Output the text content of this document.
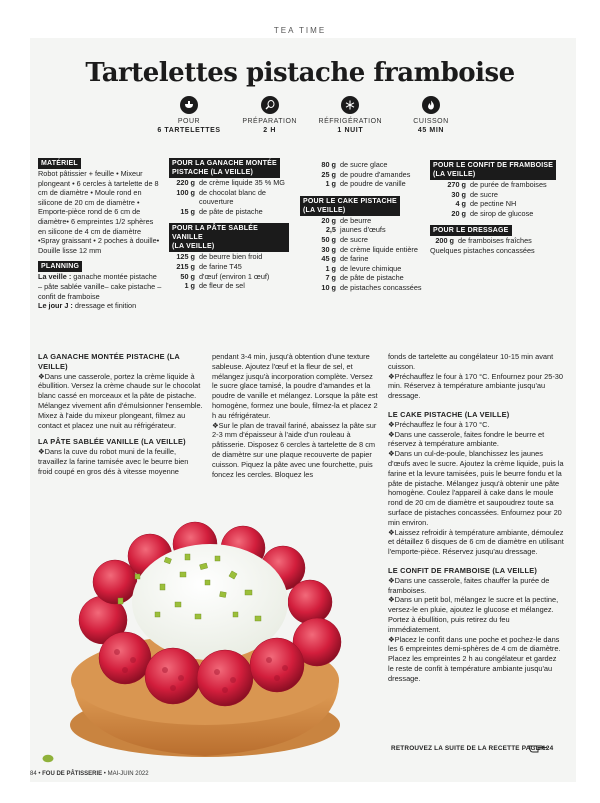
TEA TIME
Tartelettes pistache framboise
POUR
6 TARTELETTES
PRÉPARATION
2 H
RÉFRIGÉRATION
1 NUIT
CUISSON
45 MIN
MATÉRIEL
Robot pâtissier + feuille • Mixeur plongeant • 6 cercles à tartelette de 8 cm de diamètre • Moule rond en silicone de 20 cm de diamètre • Emporte-pièce rond de 6 cm de diamètre• 6 empreintes 1/2 sphères en silicone de 4 cm de diamètre •Spray graissant • 2 poches à douille• Douille lisse 12 mm
PLANNING
La veille : ganache montée pistache – pâte sablée vanille– cake pistache – confit de framboise
Le jour J : dressage et finition
POUR LA GANACHE MONTÉE
PISTACHE (LA VEILLE)
220 g de crème liquide 35 % MG
100 g de chocolat blanc de couverture
15 g de pâte de pistache
POUR LA PÂTE SABLÉE VANILLE
(LA VEILLE)
125 g de beurre bien froid
215 g de farine T45
50 g d'œuf (environ 1 œuf)
1 g de fleur de sel
80 g de sucre glace
25 g de poudre d'amandes
1 g de poudre de vanille
POUR LE CAKE PISTACHE
(LA VEILLE)
20 g de beurre
2,5 jaunes d'œufs
50 g de sucre
30 g de crème liquide entière
45 g de farine
1 g de levure chimique
7 g de pâte de pistache
10 g de pistaches concassées
POUR LE CONFIT DE FRAMBOISE
(LA VEILLE)
270 g de purée de framboises
30 g de sucre
4 g de pectine NH
20 g de sirop de glucose
POUR LE DRESSAGE
200 g de framboises fraîches
Quelques pistaches concassées
LA GANACHE MONTÉE PISTACHE (LA VEILLE)
❖Dans une casserole, portez la crème liquide à ébullition. Versez la crème chaude sur le chocolat blanc cassé en morceaux et la pâte de pistache. Mélangez vivement afin d'émulsionner l'ensemble. Mixez à l'aide du mixeur plongeant, filmez au contact et placez une nuit au réfrigérateur.
LA PÂTE SABLÉE VANILLE (LA VEILLE)
❖Dans la cuve du robot muni de la feuille, travaillez la farine tamisée avec le beurre bien froid coupé en gros dés à vitesse moyenne
pendant 3-4 min, jusqu'à obtention d'une texture sableuse. Ajoutez l'œuf et la fleur de sel, et mélangez jusqu'à incorporation complète. Versez le sucre glace tamisé, la poudre d'amandes et la poudre de vanille et mélangez. Lorsque la pâte est homogène, formez une boule, filmez-la et placez 2 h au réfrigérateur.
❖Sur le plan de travail fariné, abaissez la pâte sur 2-3 mm d'épaisseur à l'aide d'un rouleau à pâtisserie. Disposez 6 cercles à tartelette de 8 cm de diamètre sur une plaque recouverte de papier cuisson. Piquez la pâte avec une fourchette, puis foncez les cercles. Bloquez les
fonds de tartelette au congélateur 10-15 min avant cuisson.
❖Préchauffez le four à 170 °C. Enfournez pour 25-30 min. Réservez à température ambiante jusqu'au dressage.
LE CAKE PISTACHE (LA VEILLE)
❖Préchauffez le four à 170 °C.
❖Dans une casserole, faites fondre le beurre et réservez à température ambiante.
❖Dans un cul-de-poule, blanchissez les jaunes d'œufs avec le sucre. Ajoutez la crème liquide, puis la farine et la levure tamisées, puis le beurre fondu et la pâte de pistache. Mélangez jusqu'à obtenir une pâte homogène. Coulez l'appareil à cake dans le moule rond de 20 cm de diamètre et saupoudrez toute sa surface de pistaches concassées. Enfournez pour 20 min environ.
❖Laissez refroidir à température ambiante, démoulez et détaillez 6 disques de 6 cm de diamètre en utilisant l'emporte-pièce. Réservez jusqu'au dressage.
LE CONFIT DE FRAMBOISE (LA VEILLE)
❖Dans une casserole, faites chauffer la purée de framboises.
❖Dans un petit bol, mélangez le sucre et la pectine, versez-le en pluie, ajoutez le glucose et mélangez. Portez à ébullition, puis retirez du feu immédiatement.
❖Placez le confit dans une poche et pochez-le dans les 6 empreintes demi-sphères de 4 cm de diamètre. Placez les empreintes 2 h au congélateur et gardez le reste de confit à température ambiante jusqu'au dressage.
RETROUVEZ LA SUITE DE LA RECETTE PAGE 124
84 • FOU DE PÂTISSERIE • MAI-JUIN 2022
